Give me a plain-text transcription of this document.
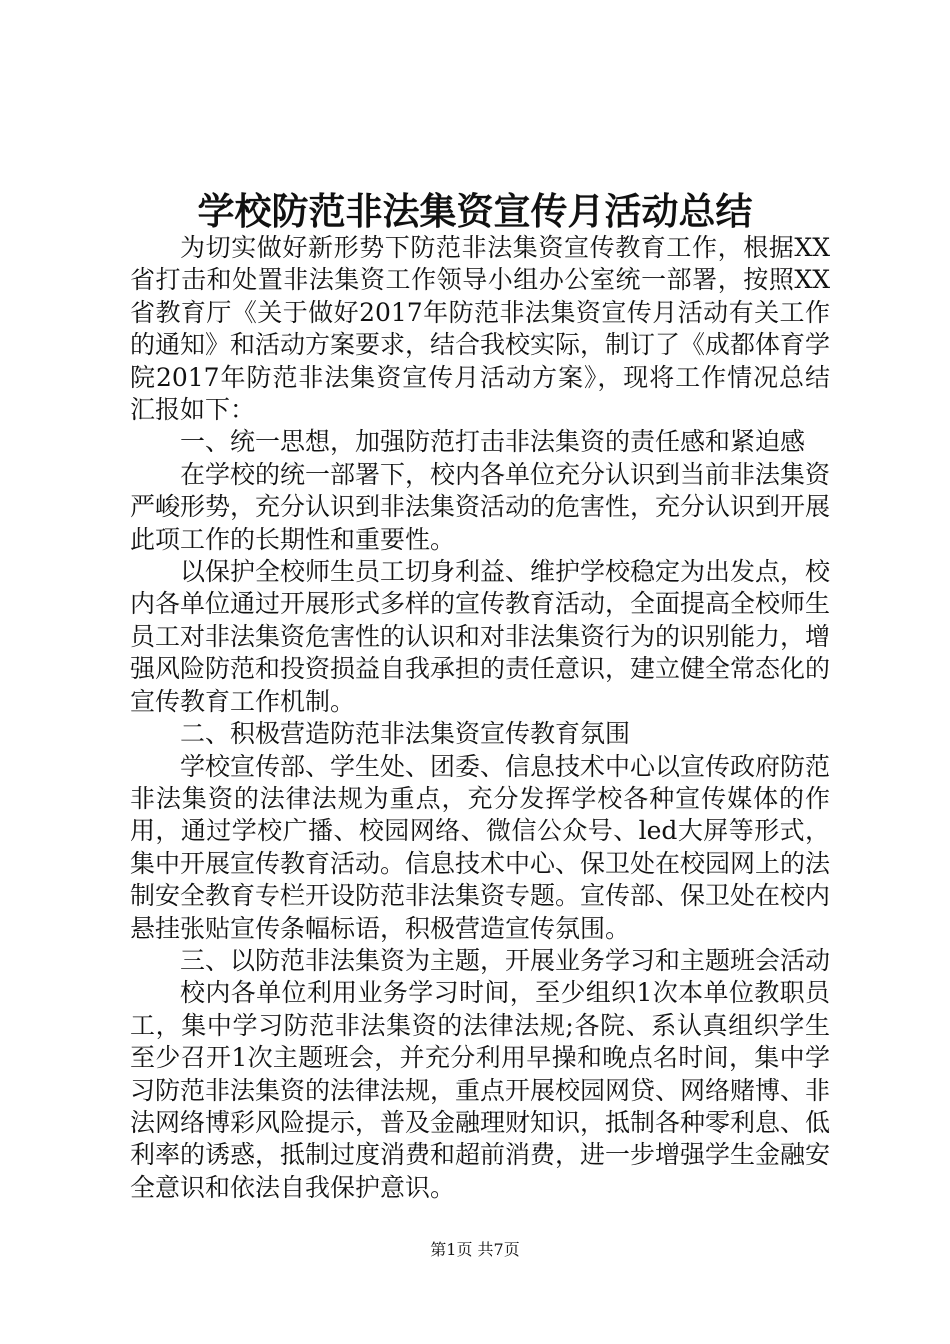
学校防范非法集资宣传月活动总结

为切实做好新形势下防范非法集资宣传教育工作，根据XX省打击和处置非法集资工作领导小组办公室统一部署，按照XX省教育厅《关于做好2017年防范非法集资宣传月活动有关工作的通知》和活动方案要求，结合我校实际，制订了《成都体育学院2017年防范非法集资宣传月活动方案》，现将工作情况总结汇报如下：

一、统一思想，加强防范打击非法集资的责任感和紧迫感

在学校的统一部署下，校内各单位充分认识到当前非法集资严峻形势，充分认识到非法集资活动的危害性，充分认识到开展此项工作的长期性和重要性。

以保护全校师生员工切身利益、维护学校稳定为出发点，校内各单位通过开展形式多样的宣传教育活动，全面提高全校师生员工对非法集资危害性的认识和对非法集资行为的识别能力，增强风险防范和投资损益自我承担的责任意识，建立健全常态化的宣传教育工作机制。

二、积极营造防范非法集资宣传教育氛围

学校宣传部、学生处、团委、信息技术中心以宣传政府防范非法集资的法律法规为重点，充分发挥学校各种宣传媒体的作用，通过学校广播、校园网络、微信公众号、led大屏等形式，集中开展宣传教育活动。信息技术中心、保卫处在校园网上的法制安全教育专栏开设防范非法集资专题。宣传部、保卫处在校内悬挂张贴宣传条幅标语，积极营造宣传氛围。

三、以防范非法集资为主题，开展业务学习和主题班会活动

校内各单位利用业务学习时间，至少组织1次本单位教职员工，集中学习防范非法集资的法律法规;各院、系认真组织学生至少召开1次主题班会，并充分利用早操和晚点名时间，集中学习防范非法集资的法律法规，重点开展校园网贷、网络赌博、非法网络博彩风险提示，普及金融理财知识，抵制各种零利息、低利率的诱惑，抵制过度消费和超前消费，进一步增强学生金融安全意识和依法自我保护意识。

第1页 共7页
